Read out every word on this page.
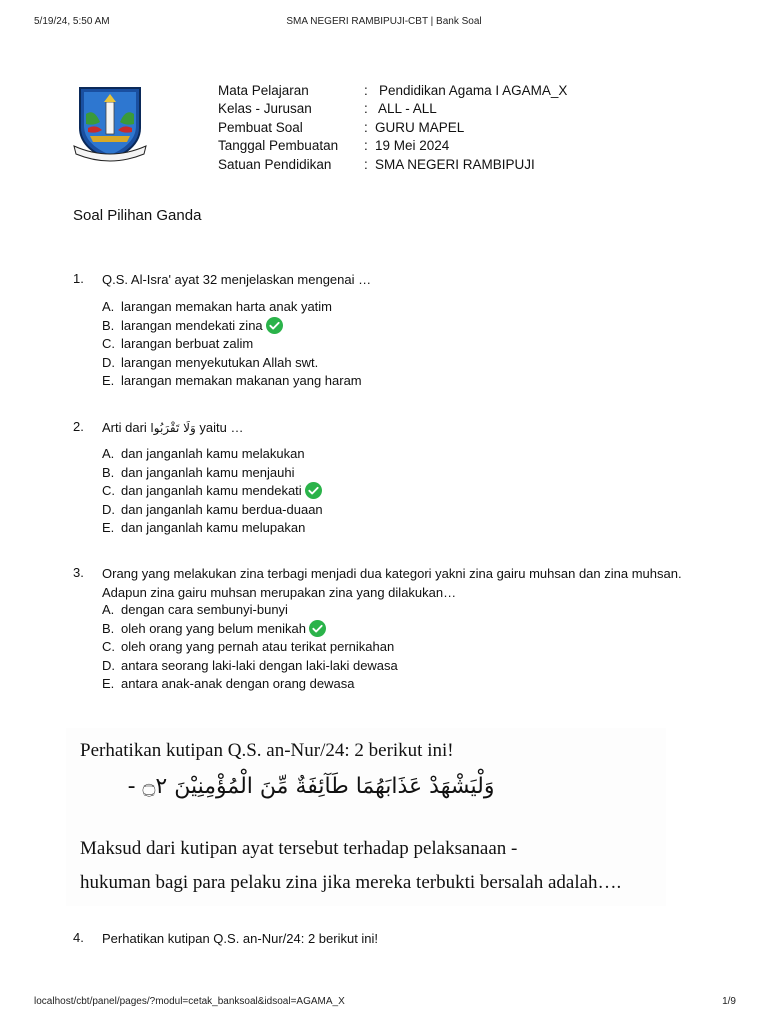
5/19/24, 5:50 AM	SMA NEGERI RAMBIPUJI-CBT | Bank Soal
Mata Pelajaran	: Pendidikan Agama I AGAMA_X
Kelas - Jurusan	: ALL - ALL
Pembuat Soal	: GURU MAPEL
Tanggal Pembuatan : 19 Mei 2024
Satuan Pendidikan : SMA NEGERI RAMBIPUJI
Soal Pilihan Ganda
1. Q.S. Al-Isra' ayat 32 menjelaskan mengenai …
A. larangan memakan harta anak yatim
B. larangan mendekati zina
C. larangan berbuat zalim
D. larangan menyekutukan Allah swt.
E. larangan memakan makanan yang haram
2. Arti dari وَلَا تَقْرَبُوا yaitu …
A. dan janganlah kamu melakukan
B. dan janganlah kamu menjauhi
C. dan janganlah kamu mendekati
D. dan janganlah kamu berdua-duaan
E. dan janganlah kamu melupakan
3. Orang yang melakukan zina terbagi menjadi dua kategori yakni zina gairu muhsan dan zina muhsan. Adapun zina gairu muhsan merupakan zina yang dilakukan…
A. dengan cara sembunyi-bunyi
B. oleh orang yang belum menikah
C. oleh orang yang pernah atau terikat pernikahan
D. antara seorang laki-laki dengan laki-laki dewasa
E. antara anak-anak dengan orang dewasa
Perhatikan kutipan Q.S. an-Nur/24: 2 berikut ini!
وَلْيَشْهَدْ عَذَابَهُمَا طَآئِفَةٌ مِّنَ الْمُؤْمِنِيْنَ ۝٢ -
Maksud dari kutipan ayat tersebut terhadap pelaksanaan -
hukuman bagi para pelaku zina jika mereka terbukti bersalah adalah….
4. Perhatikan kutipan Q.S. an-Nur/24: 2 berikut ini!
localhost/cbt/panel/pages/?modul=cetak_banksoal&idsoal=AGAMA_X	1/9
